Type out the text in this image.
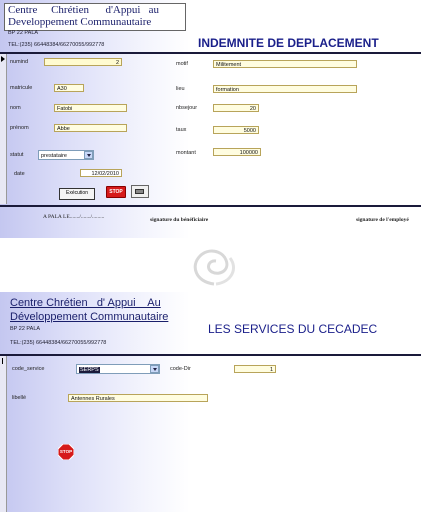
Centre     Chrétien      d'Appui   au
Developpement Communautaire
BP 22 PALA
TEL:(235) 66448384/66270055/992778	INDEMNITE DE DEPLACEMENT
numind	2
matricule	A30
nom	Fatobi
prénom	Abbe
statut	prestataire
date	12/02/2010
motif	Militement
lieu	formation
nbsejour	20
taux	5000
montant	100000
Exécution	STOP
A PALA LE......./......./.........	signature du bénéficiaire	signature de l'employé
Centre Chrétien   d' Appui    Au
Développement Communautaire
BP 22 PALA
TEL:(235) 66448384/66270055/992778
LES SERVICES DU CECADEC
code_service	SERPS	code-Dir	1
libellé	Antennes Rurales
STOP
